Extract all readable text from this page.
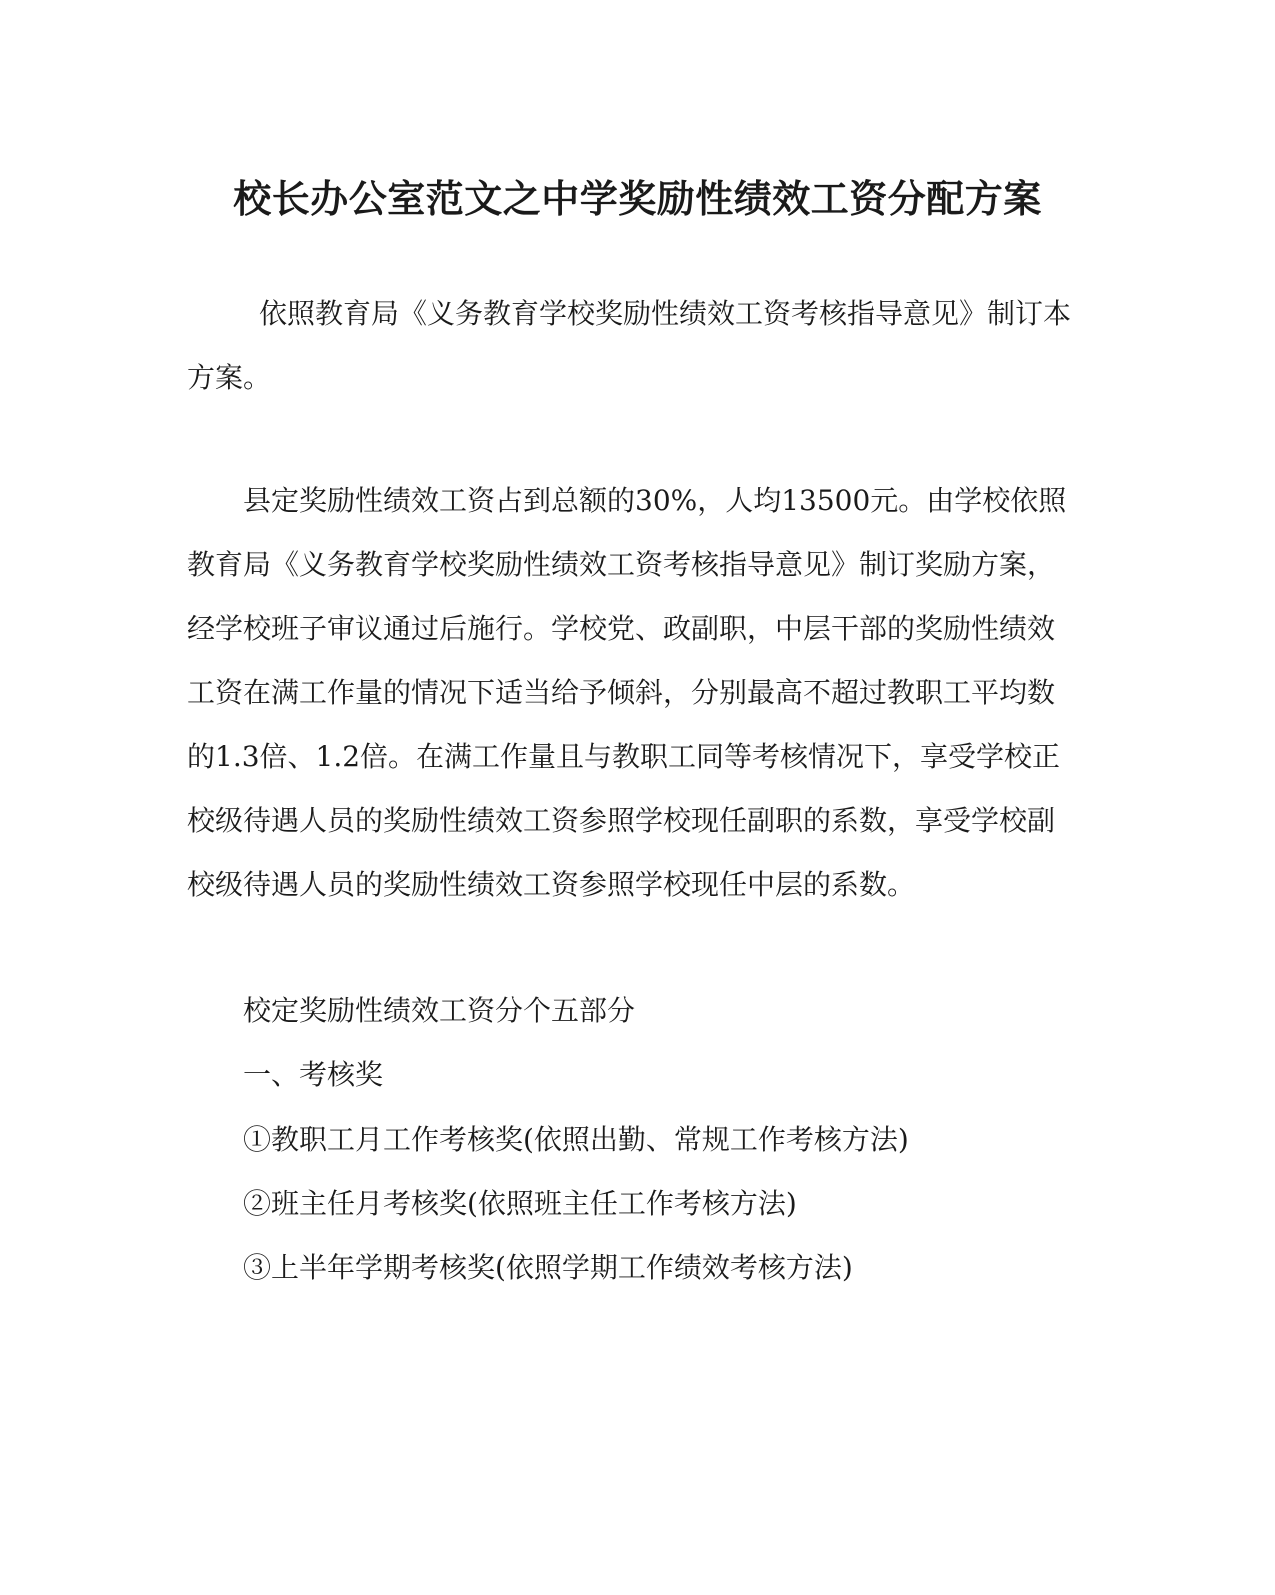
校长办公室范文之中学奖励性绩效工资分配方案

依照教育局《义务教育学校奖励性绩效工资考核指导意见》制订本方案。

县定奖励性绩效工资占到总额的30%，人均13500元。由学校依照教育局《义务教育学校奖励性绩效工资考核指导意见》制订奖励方案，经学校班子审议通过后施行。学校党、政副职，中层干部的奖励性绩效工资在满工作量的情况下适当给予倾斜，分别最高不超过教职工平均数的1.3倍、1.2倍。在满工作量且与教职工同等考核情况下，享受学校正校级待遇人员的奖励性绩效工资参照学校现任副职的系数，享受学校副校级待遇人员的奖励性绩效工资参照学校现任中层的系数。

校定奖励性绩效工资分个五部分

一、考核奖

①教职工月工作考核奖(依照出勤、常规工作考核方法)

②班主任月考核奖(依照班主任工作考核方法)

③上半年学期考核奖(依照学期工作绩效考核方法)
